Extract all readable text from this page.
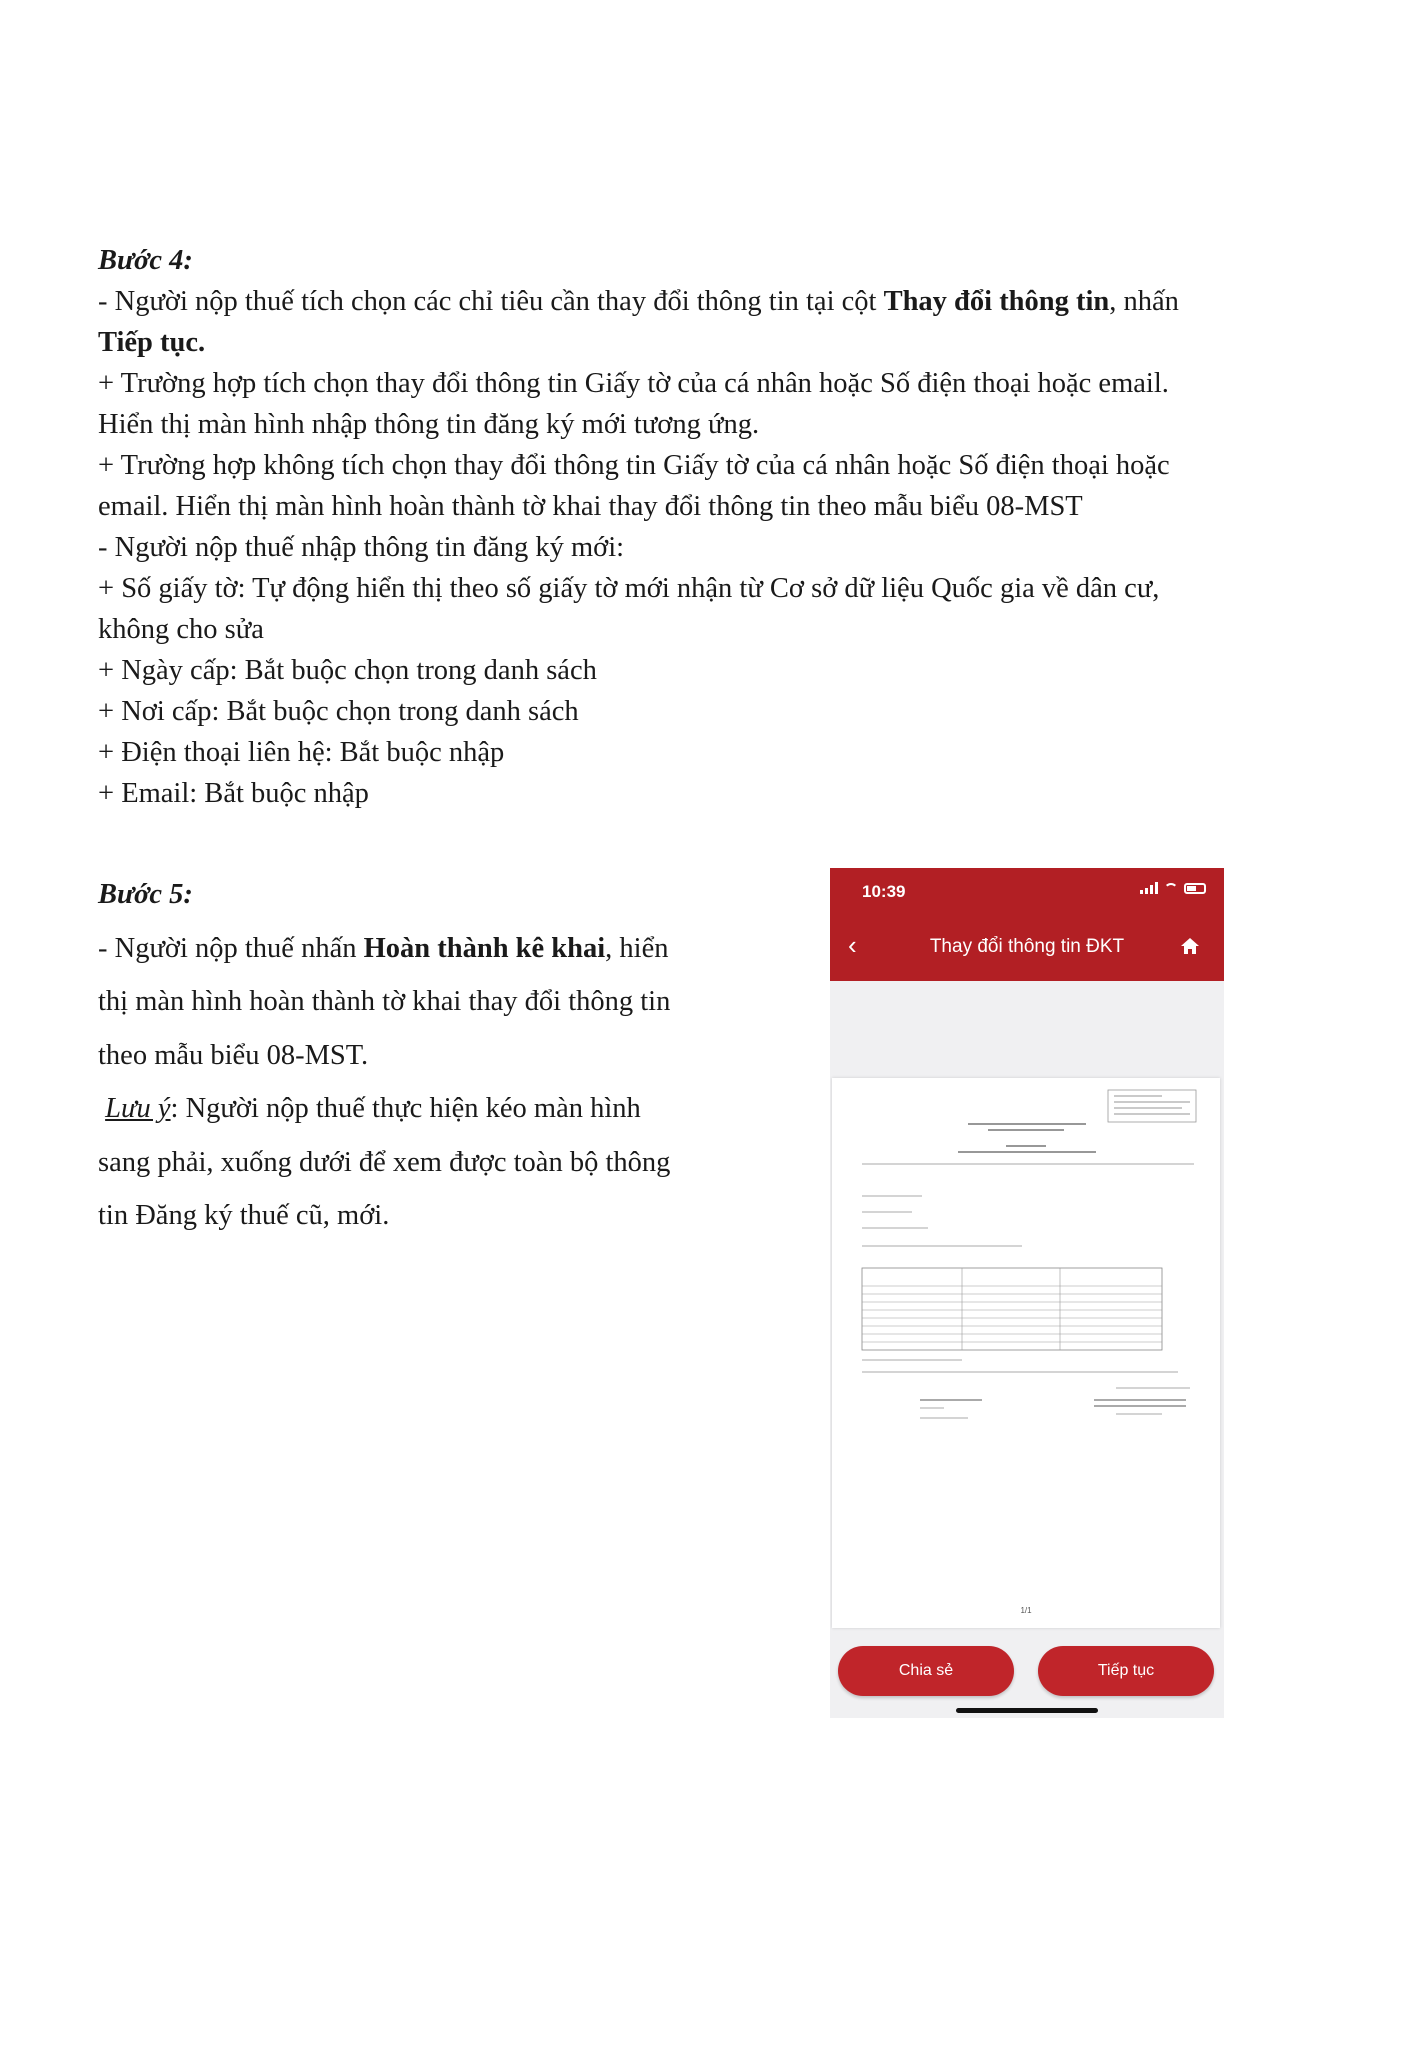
Bước 4:
- Người nộp thuế tích chọn các chỉ tiêu cần thay đổi thông tin tại cột Thay đổi thông tin, nhấn
Tiếp tục.
+ Trường hợp tích chọn thay đổi thông tin Giấy tờ của cá nhân hoặc Số điện thoại hoặc email.
Hiển thị màn hình nhập thông tin đăng ký mới tương ứng.
+ Trường hợp không tích chọn thay đổi thông tin Giấy tờ của cá nhân hoặc Số điện thoại hoặc
email. Hiển thị màn hình hoàn thành tờ khai thay đổi thông tin theo mẫu biểu 08-MST
- Người nộp thuế nhập thông tin đăng ký mới:
+ Số giấy tờ: Tự động hiển thị theo số giấy tờ mới nhận từ Cơ sở dữ liệu Quốc gia về dân cư,
không cho sửa
+ Ngày cấp: Bắt buộc chọn trong danh sách
+ Nơi cấp: Bắt buộc chọn trong danh sách
+ Điện thoại liên hệ: Bắt buộc nhập
+ Email: Bắt buộc nhập
Bước 5:
- Người nộp thuế nhấn Hoàn thành kê khai, hiển
thị màn hình hoàn thành tờ khai thay đổi thông tin
theo mẫu biểu 08-MST.
Lưu ý: Người nộp thuế thực hiện kéo màn hình
sang phải, xuống dưới để xem được toàn bộ thông
tin Đăng ký thuế cũ, mới.
10:39
‹	Thay đổi thông tin ĐKT
1/1
Chia sẻ	Tiếp tục
